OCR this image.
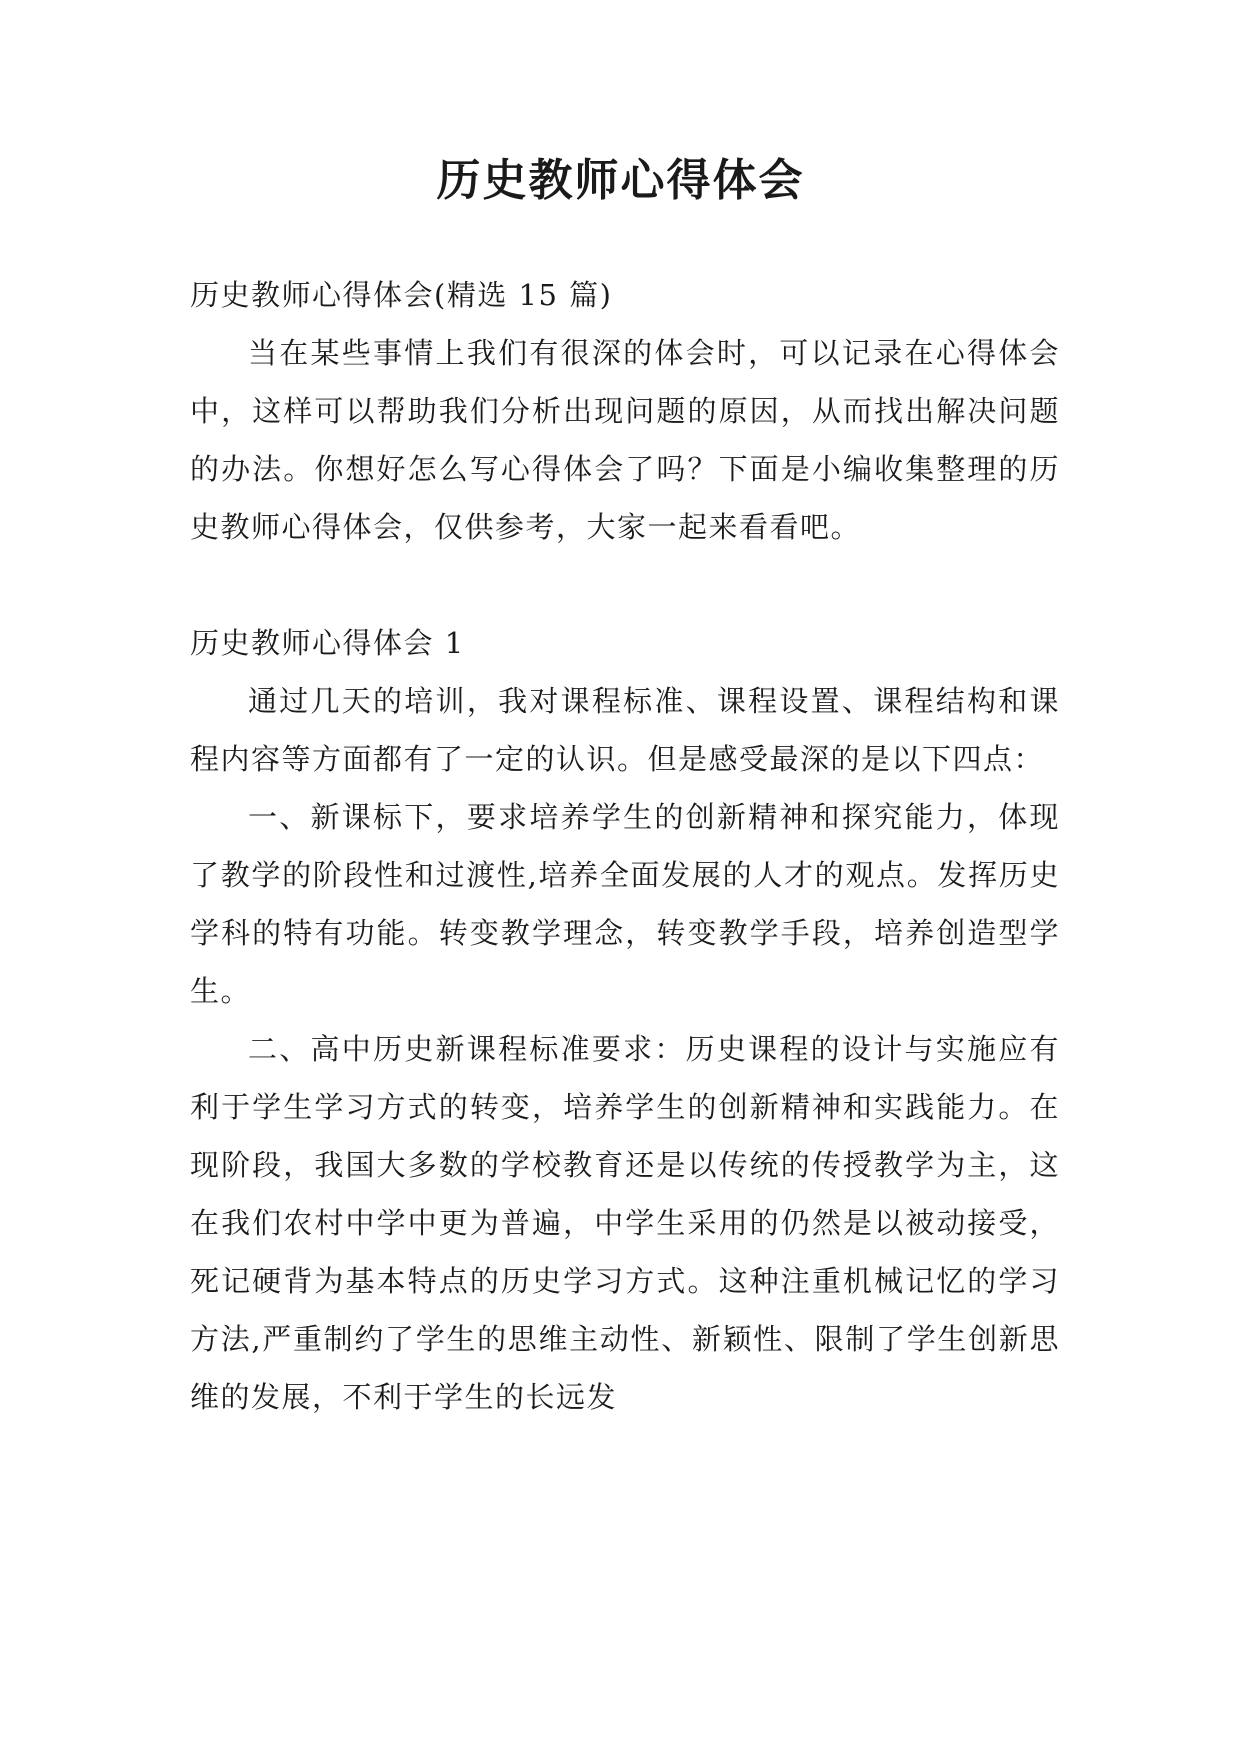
历史教师心得体会

历史教师心得体会(精选 15 篇)

当在某些事情上我们有很深的体会时，可以记录在心得体会中，这样可以帮助我们分析出现问题的原因，从而找出解决问题的办法。你想好怎么写心得体会了吗？下面是小编收集整理的历史教师心得体会，仅供参考，大家一起来看看吧。

历史教师心得体会 1

通过几天的培训，我对课程标准、课程设置、课程结构和课程内容等方面都有了一定的认识。但是感受最深的是以下四点：

一、新课标下，要求培养学生的创新精神和探究能力，体现了教学的阶段性和过渡性,培养全面发展的人才的观点。发挥历史学科的特有功能。转变教学理念，转变教学手段，培养创造型学生。

二、高中历史新课程标准要求：历史课程的设计与实施应有利于学生学习方式的转变，培养学生的创新精神和实践能力。在现阶段，我国大多数的学校教育还是以传统的传授教学为主，这在我们农村中学中更为普遍，中学生采用的仍然是以被动接受，死记硬背为基本特点的历史学习方式。这种注重机械记忆的学习方法,严重制约了学生的思维主动性、新颖性、限制了学生创新思维的发展，不利于学生的长远发
